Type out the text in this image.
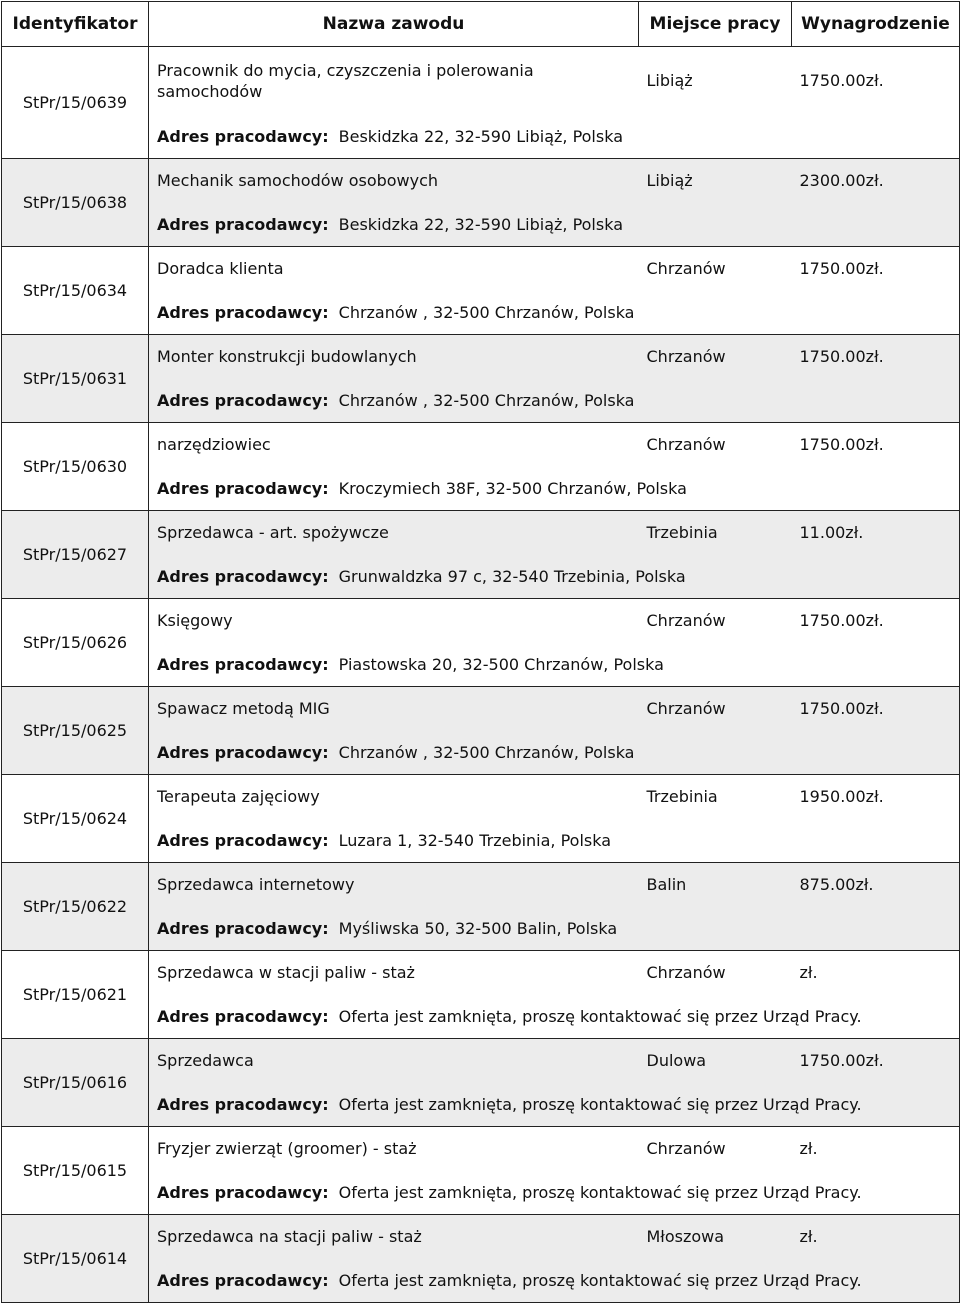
Identyfikator	Nazwa zawodu	Miejsce pracy	Wynagrodzenie
StPr/15/0639	Pracownik do mycia, czyszczenia i polerowania samochodów	Libiąż	1750.00zł.
	Adres pracodawcy: Beskidzka 22, 32-590 Libiąż, Polska		
StPr/15/0638	Mechanik samochodów osobowych	Libiąż	2300.00zł.
	Adres pracodawcy: Beskidzka 22, 32-590 Libiąż, Polska		
StPr/15/0634	Doradca klienta	Chrzanów	1750.00zł.
	Adres pracodawcy: Chrzanów , 32-500 Chrzanów, Polska		
StPr/15/0631	Monter konstrukcji budowlanych	Chrzanów	1750.00zł.
	Adres pracodawcy: Chrzanów , 32-500 Chrzanów, Polska		
StPr/15/0630	narzędziowiec	Chrzanów	1750.00zł.
	Adres pracodawcy: Kroczymiech 38F, 32-500 Chrzanów, Polska		
StPr/15/0627	Sprzedawca - art. spożywcze	Trzebinia	11.00zł.
	Adres pracodawcy: Grunwaldzka 97 c, 32-540 Trzebinia, Polska		
StPr/15/0626	Księgowy	Chrzanów	1750.00zł.
	Adres pracodawcy: Piastowska 20, 32-500 Chrzanów, Polska		
StPr/15/0625	Spawacz metodą MIG	Chrzanów	1750.00zł.
	Adres pracodawcy: Chrzanów , 32-500 Chrzanów, Polska		
StPr/15/0624	Terapeuta zajęciowy	Trzebinia	1950.00zł.
	Adres pracodawcy: Luzara 1, 32-540 Trzebinia, Polska		
StPr/15/0622	Sprzedawca internetowy	Balin	875.00zł.
	Adres pracodawcy: Myśliwska 50, 32-500 Balin, Polska		
StPr/15/0621	Sprzedawca w stacji paliw - staż	Chrzanów	zł.
	Adres pracodawcy: Oferta jest zamknięta, proszę kontaktować się przez Urząd Pracy.		
StPr/15/0616	Sprzedawca	Dulowa	1750.00zł.
	Adres pracodawcy: Oferta jest zamknięta, proszę kontaktować się przez Urząd Pracy.		
StPr/15/0615	Fryzjer zwierząt (groomer) - staż	Chrzanów	zł.
	Adres pracodawcy: Oferta jest zamknięta, proszę kontaktować się przez Urząd Pracy.		
StPr/15/0614	Sprzedawca na stacji paliw - staż	Młoszowa	zł.
	Adres pracodawcy: Oferta jest zamknięta, proszę kontaktować się przez Urząd Pracy.		
